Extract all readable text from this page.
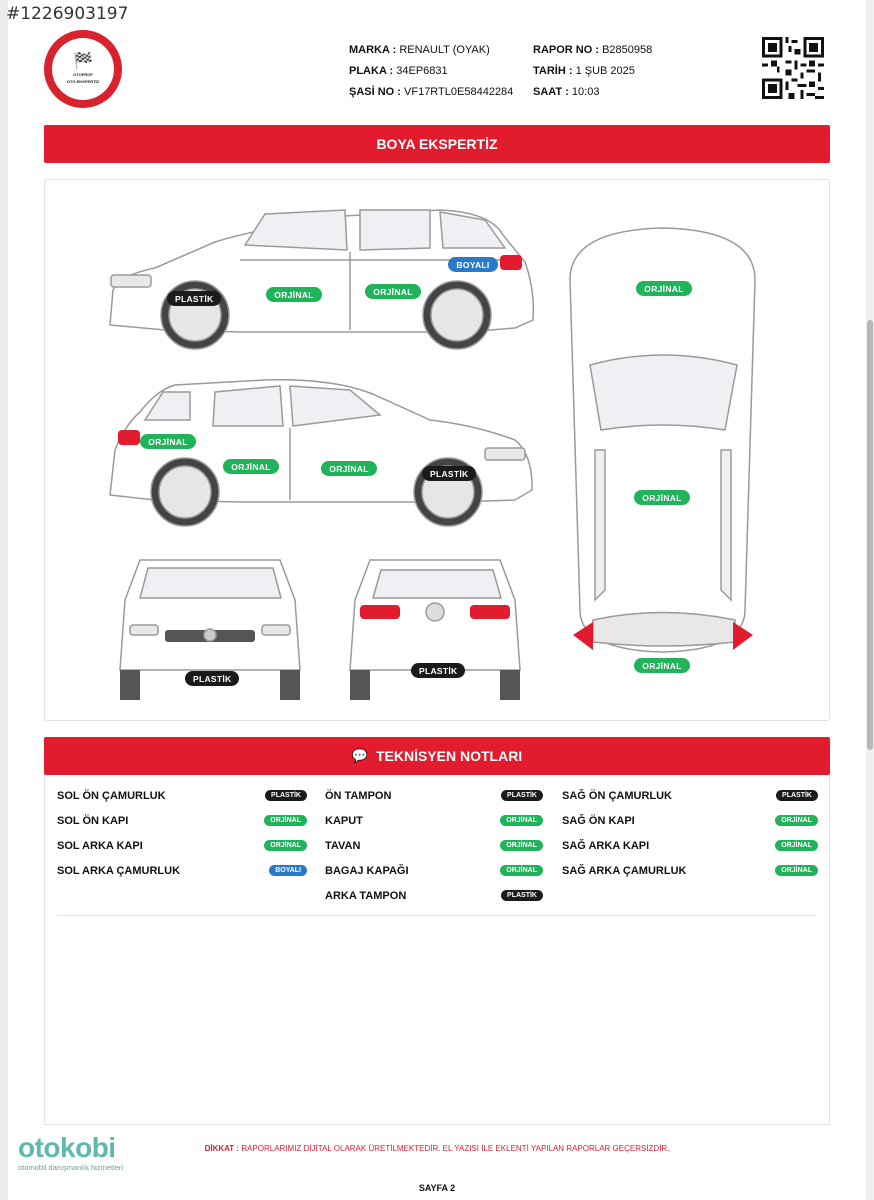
#1226903197
🏁
OTOPROF
OTO EKSPERTİZ
MARKA : RENAULT (OYAK)
PLAKA : 34EP6831
ŞASİ NO : VF17RTL0E58442284
RAPOR NO : B2850958
TARİH : 1 ŞUB 2025
SAAT : 10:03
BOYA EKSPERTİZ
PLASTİK	ORJİNAL	ORJİNAL
BOYALI
ORJİNAL
ORJİNAL	ORJİNAL	PLASTİK
PLASTİK
PLASTİK
ORJİNAL
ORJİNAL
ORJİNAL
💬 TEKNİSYEN NOTLARI
SOL ÖN ÇAMURLUK	PLASTİK
SOL ÖN KAPI	ORJİNAL
SOL ARKA KAPI	ORJİNAL
SOL ARKA ÇAMURLUK	BOYALI
ÖN TAMPON	PLASTİK
KAPUT	ORJİNAL
TAVAN	ORJİNAL
BAGAJ KAPAĞI	ORJİNAL
ARKA TAMPON	PLASTİK
SAĞ ÖN ÇAMURLUK	PLASTİK
SAĞ ÖN KAPI	ORJİNAL
SAĞ ARKA KAPI	ORJİNAL
SAĞ ARKA ÇAMURLUK	ORJİNAL
otokobi
otomobil danışmanlık hizmetleri
DİKKAT : RAPORLARIMIZ DİJİTAL OLARAK ÜRETİLMEKTEDİR. EL YAZISI İLE EKLENTİ YAPILAN RAPORLAR GEÇERSİZDİR.
SAYFA 2
